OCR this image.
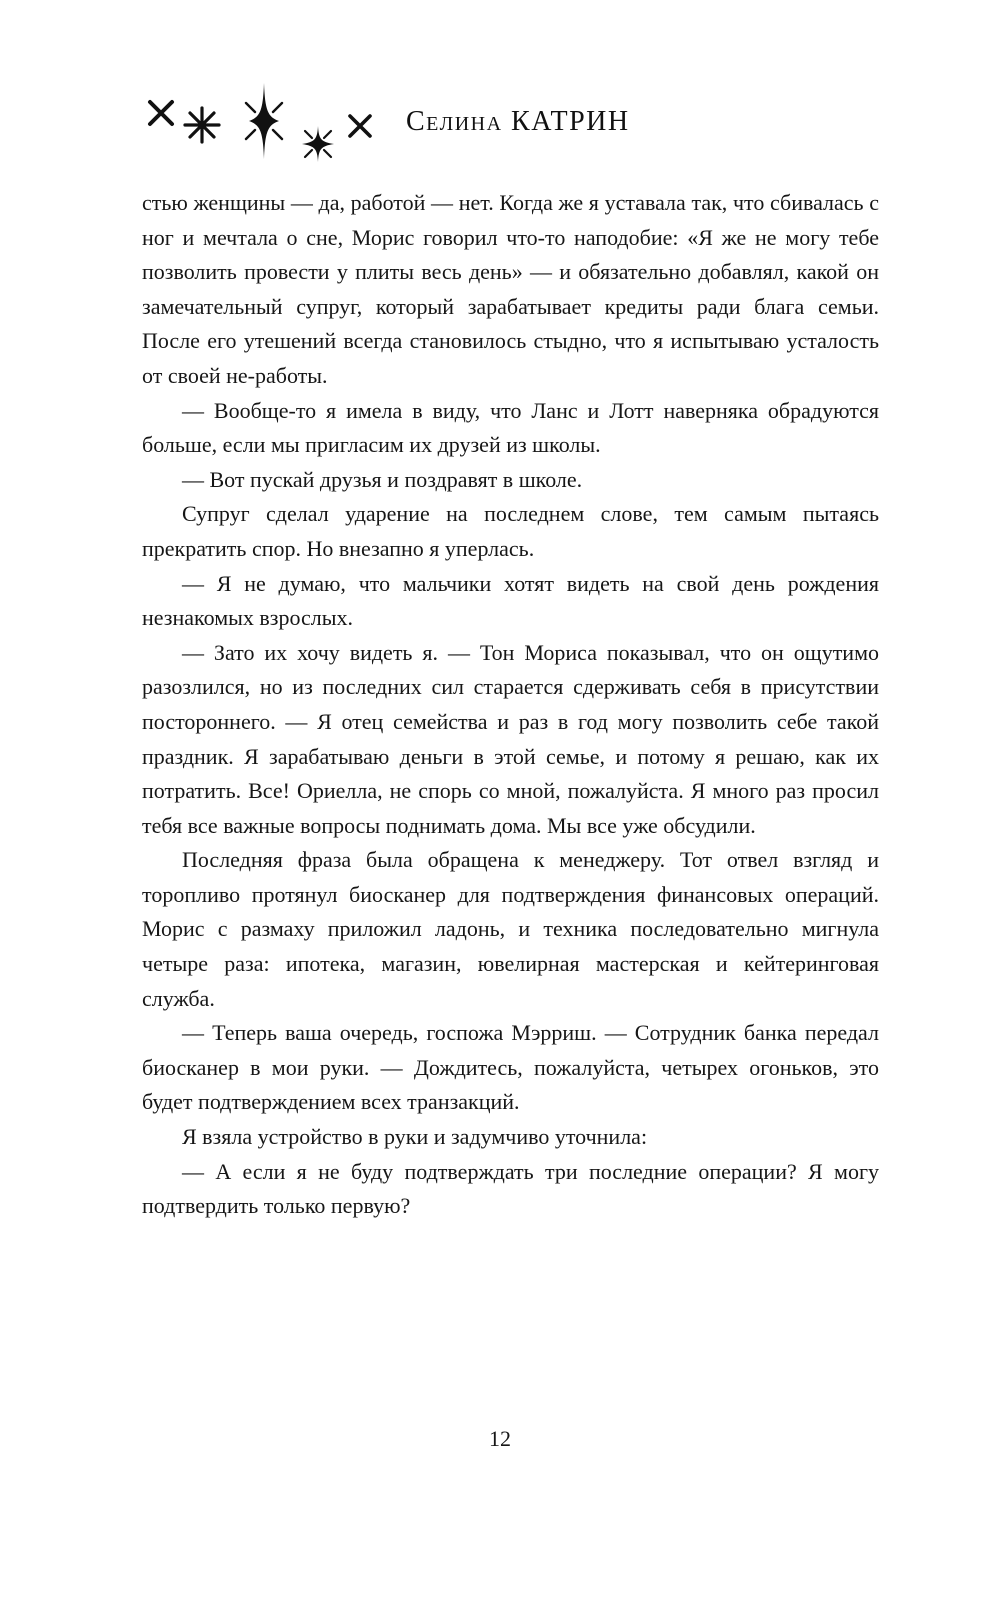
Селина КАТРИН

стью женщины — да, работой — нет. Когда же я уставала так, что сбивалась с ног и мечтала о сне, Морис говорил что-то наподобие: «Я же не могу тебе позволить провести у плиты весь день» — и обязательно добавлял, какой он замечательный супруг, который зарабатывает кредиты ради блага семьи. После его утешений всегда становилось стыдно, что я испытываю усталость от своей не-работы.

— Вообще-то я имела в виду, что Ланс и Лотт наверняка обрадуются больше, если мы пригласим их друзей из школы.

— Вот пускай друзья и поздравят в школе.

Супруг сделал ударение на последнем слове, тем самым пытаясь прекратить спор. Но внезапно я уперлась.

— Я не думаю, что мальчики хотят видеть на свой день рождения незнакомых взрослых.

— Зато их хочу видеть я. — Тон Мориса показывал, что он ощутимо разозлился, но из последних сил старается сдерживать себя в присутствии постороннего. — Я отец семейства и раз в год могу позволить себе такой праздник. Я зарабатываю деньги в этой семье, и потому я решаю, как их потратить. Все! Ориелла, не спорь со мной, пожалуйста. Я много раз просил тебя все важные вопросы поднимать дома. Мы все уже обсудили.

Последняя фраза была обращена к менеджеру. Тот отвел взгляд и торопливо протянул биосканер для подтверждения финансовых операций. Морис с размаху приложил ладонь, и техника последовательно мигнула четыре раза: ипотека, магазин, ювелирная мастерская и кейтеринговая служба.

— Теперь ваша очередь, госпожа Мэрриш. — Сотрудник банка передал биосканер в мои руки. — Дождитесь, пожалуйста, четырех огоньков, это будет подтверждением всех транзакций.

Я взяла устройство в руки и задумчиво уточнила:

— А если я не буду подтверждать три последние операции? Я могу подтвердить только первую?

12
